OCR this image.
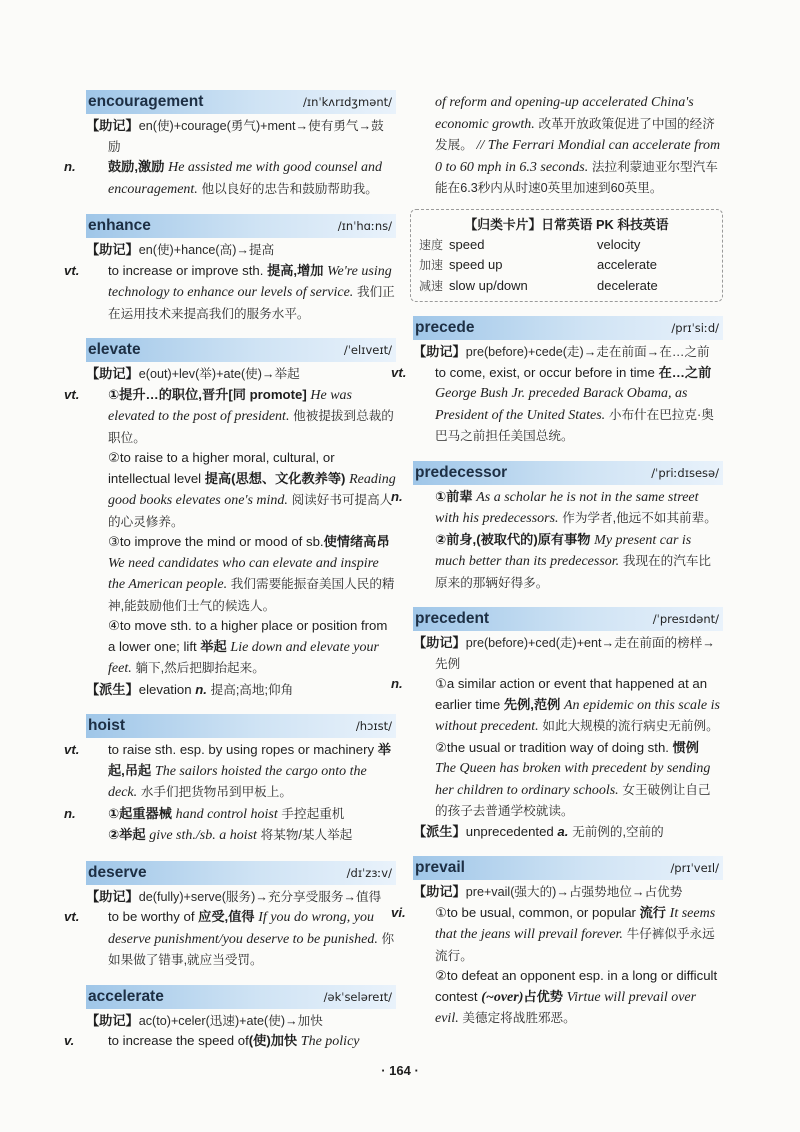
encouragement	/ɪnˈkʌrɪdʒmənt/

【助记】en(使)+courage(勇气)+ment→使有勇气→鼓励

n. 鼓励,激励 He assisted me with good counsel and encouragement. 他以良好的忠告和鼓励帮助我。

enhance	/ɪnˈhɑːns/

【助记】en(使)+hance(高)→提高

vt. to increase or improve sth. 提高,增加 We're using technology to enhance our levels of service. 我们正在运用技术来提高我们的服务水平。

elevate	/ˈelɪveɪt/

【助记】e(out)+lev(举)+ate(使)→举起

vt. ①提升…的职位,晋升[同 promote] He was elevated to the post of president. 他被提拔到总裁的职位。

②to raise to a higher moral, cultural, or intellectual level 提高(思想、文化教养等) Reading good books elevates one's mind. 阅读好书可提高人的心灵修养。

③to improve the mind or mood of sb.使情绪高昂 We need candidates who can elevate and inspire the American people. 我们需要能振奋美国人民的精神,能鼓励他们士气的候选人。

④to move sth. to a higher place or position from a lower one; lift 举起 Lie down and elevate your feet. 躺下,然后把脚抬起来。

【派生】elevation n. 提高;高地;仰角

hoist	/hɔɪst/

vt. to raise sth. esp. by using ropes or machinery 举起,吊起 The sailors hoisted the cargo onto the deck. 水手们把货物吊到甲板上。

n. ①起重器械 hand control hoist 手控起重机

②举起 give sth./sb. a hoist 将某物/某人举起

deserve	/dɪˈzɜːv/

【助记】de(fully)+serve(服务)→充分享受服务→值得

vt. to be worthy of 应受,值得 If you do wrong, you deserve punishment/you deserve to be punished. 你如果做了错事,就应当受罚。

accelerate	/əkˈseləreɪt/

【助记】ac(to)+celer(迅速)+ate(使)→加快

v.	to increase the speed of(使)加快 The policy

of reform and opening-up accelerated China's economic growth. 改革开放政策促进了中国的经济发展。 // The Ferrari Mondial can accelerate from 0 to 60 mph in 6.3 seconds. 法拉利蒙迪亚尔型汽车能在6.3秒内从时速0英里加速到60英里。

【归类卡片】日常英语 PK 科技英语
速度 speed	velocity
加速 speed up	accelerate
减速 slow up/down	decelerate
precede	/prɪˈsiːd/

【助记】pre(before)+cede(走)→走在前面→在…之前

vt. to come, exist, or occur before in time 在…之前 George Bush Jr. preceded Barack Obama, as President of the United States. 小布什在巴拉克·奥巴马之前担任美国总统。

predecessor	/ˈpriːdɪsesə/

n. ①前辈 As a scholar he is not in the same street with his predecessors. 作为学者,他远不如其前辈。

②前身,(被取代的)原有事物 My present car is much better than its predecessor. 我现在的汽车比原来的那辆好得多。

precedent	/ˈpresɪdənt/

【助记】pre(before)+ced(走)+ent→走在前面的榜样→先例

n. ①a similar action or event that happened at an earlier time 先例,范例 An epidemic on this scale is without precedent. 如此大规模的流行病史无前例。

②the usual or tradition way of doing sth. 惯例 The Queen has broken with precedent by sending her children to ordinary schools. 女王破例让自己的孩子去普通学校就读。

【派生】unprecedented a. 无前例的,空前的

prevail	/prɪˈveɪl/

【助记】pre+vail(强大的)→占强势地位→占优势

vi. ①to be usual, common, or popular 流行 It seems that the jeans will prevail forever. 牛仔裤似乎永远流行。

②to defeat an opponent esp. in a long or difficult contest (~over)占优势 Virtue will prevail over evil. 美德定将战胜邪恶。

· 164 ·
